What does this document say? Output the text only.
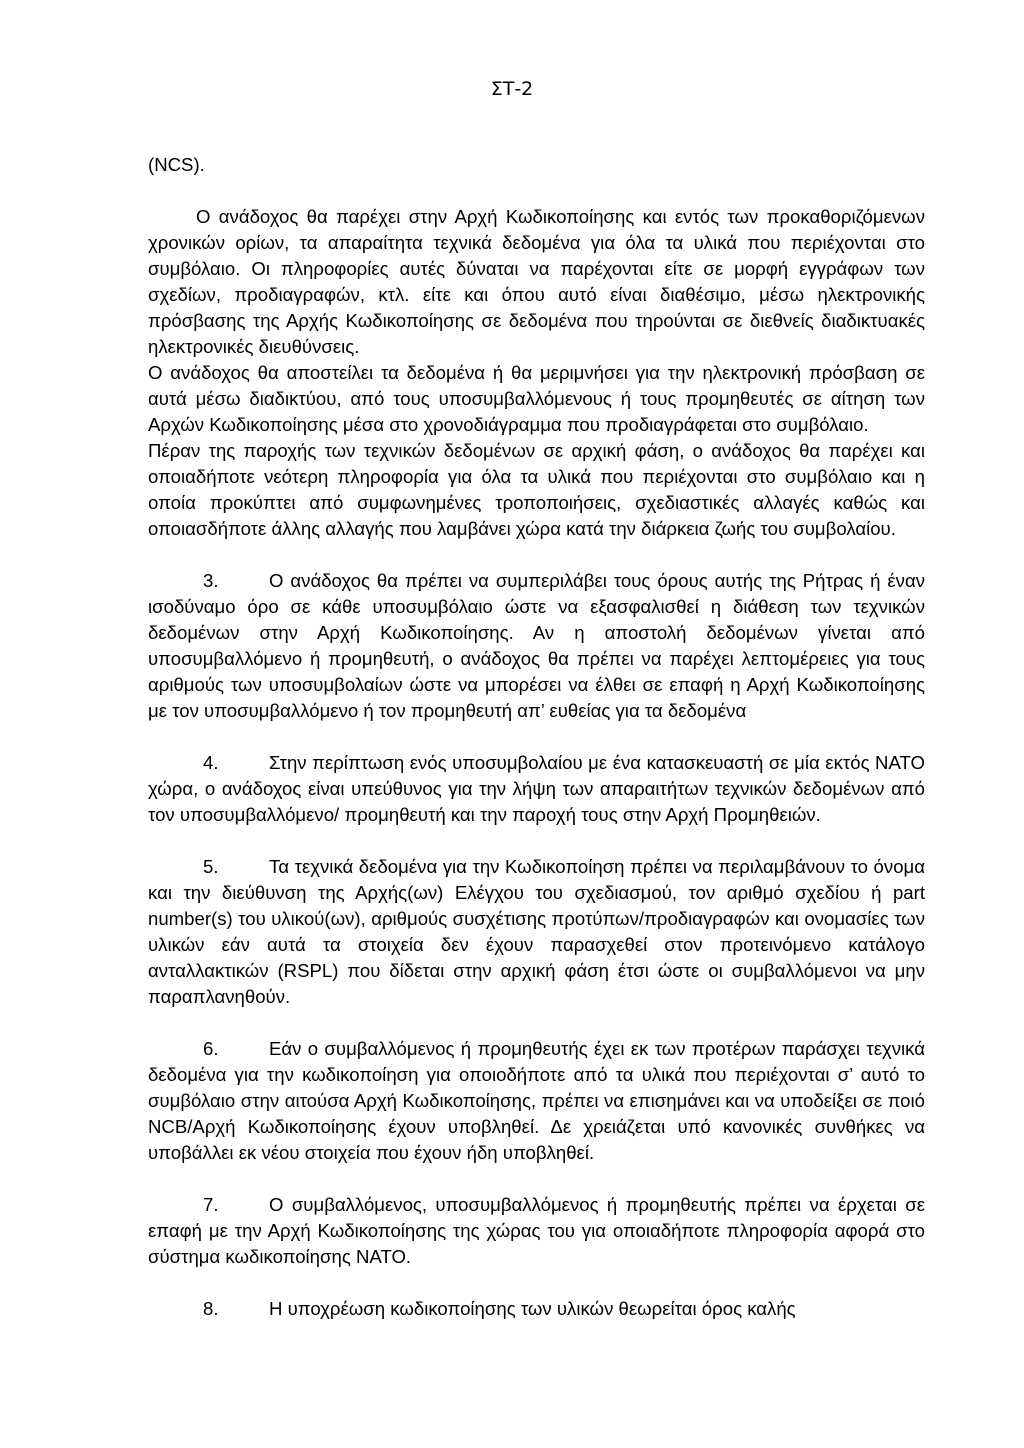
ΣΤ-2

(NCS).

Ο ανάδοχος θα παρέχει στην Αρχή Κωδικοποίησης και εντός των προκαθοριζόμενων χρονικών ορίων, τα απαραίτητα τεχνικά δεδομένα για όλα τα υλικά που περιέχονται στο συμβόλαιο. Οι πληροφορίες αυτές δύναται να παρέχονται είτε σε μορφή εγγράφων των σχεδίων, προδιαγραφών, κτλ. είτε και όπου αυτό είναι διαθέσιμο, μέσω ηλεκτρονικής πρόσβασης της Αρχής Κωδικοποίησης σε δεδομένα που τηρούνται σε διεθνείς διαδικτυακές ηλεκτρονικές διευθύνσεις.

Ο ανάδοχος θα αποστείλει τα δεδομένα ή θα μεριμνήσει για την ηλεκτρονική πρόσβαση σε αυτά μέσω διαδικτύου, από τους υποσυμβαλλόμενους ή τους προμηθευτές σε αίτηση των Αρχών Κωδικοποίησης μέσα στο χρονοδιάγραμμα που προδιαγράφεται στο συμβόλαιο.

Πέραν της παροχής των τεχνικών δεδομένων σε αρχική φάση, ο ανάδοχος θα παρέχει και οποιαδήποτε νεότερη πληροφορία για όλα τα υλικά που περιέχονται στο συμβόλαιο και η οποία προκύπτει από συμφωνημένες τροποποιήσεις, σχεδιαστικές αλλαγές καθώς και οποιασδήποτε άλλης αλλαγής που λαμβάνει χώρα κατά την διάρκεια ζωής του συμβολαίου.

3.	Ο ανάδοχος θα πρέπει να συμπεριλάβει τους όρους αυτής της Ρήτρας ή έναν ισοδύναμο όρο σε κάθε υποσυμβόλαιο ώστε να εξασφαλισθεί η διάθεση των τεχνικών δεδομένων στην Αρχή Κωδικοποίησης. Αν η αποστολή δεδομένων γίνεται από υποσυμβαλλόμενο ή προμηθευτή, ο ανάδοχος θα πρέπει να παρέχει λεπτομέρειες για τους αριθμούς των υποσυμβολαίων ώστε να μπορέσει να έλθει σε επαφή η Αρχή Κωδικοποίησης με τον υποσυμβαλλόμενο ή τον προμηθευτή απ’ ευθείας για τα δεδομένα

4.	Στην περίπτωση ενός υποσυμβολαίου με ένα κατασκευαστή σε μία εκτός NATO χώρα, ο ανάδοχος είναι υπεύθυνος για την λήψη των απαραιτήτων τεχνικών δεδομένων από τον υποσυμβαλλόμενο/ προμηθευτή και την παροχή τους στην Αρχή Προμηθειών.

5.	Τα τεχνικά δεδομένα για την Κωδικοποίηση πρέπει να περιλαμβάνουν το όνομα και την διεύθυνση της Αρχής(ων) Ελέγχου του σχεδιασμού, τον αριθμό σχεδίου ή part number(s) του υλικού(ων), αριθμούς συσχέτισης προτύπων/προδιαγραφών και ονομασίες των υλικών εάν αυτά τα στοιχεία δεν έχουν παρασχεθεί στον προτεινόμενο κατάλογο ανταλλακτικών (RSPL) που δίδεται στην αρχική φάση έτσι ώστε οι συμβαλλόμενοι να μην παραπλανηθούν.

6.	Εάν ο συμβαλλόμενος ή προμηθευτής έχει εκ των προτέρων παράσχει τεχνικά δεδομένα για την κωδικοποίηση για οποιοδήποτε από τα υλικά που περιέχονται σ’ αυτό το συμβόλαιο στην αιτούσα Αρχή Κωδικοποίησης, πρέπει να επισημάνει και να υποδείξει σε ποιό NCB/Αρχή Κωδικοποίησης έχουν υποβληθεί. Δε χρειάζεται υπό κανονικές συνθήκες να υποβάλλει εκ νέου στοιχεία που έχουν ήδη υποβληθεί.

7.	Ο συμβαλλόμενος, υποσυμβαλλόμενος ή προμηθευτής πρέπει να έρχεται σε επαφή με την Αρχή Κωδικοποίησης της χώρας του για οποιαδήποτε πληροφορία αφορά στο σύστημα κωδικοποίησης NATO.

8.	Η υποχρέωση κωδικοποίησης των υλικών θεωρείται όρος καλής
